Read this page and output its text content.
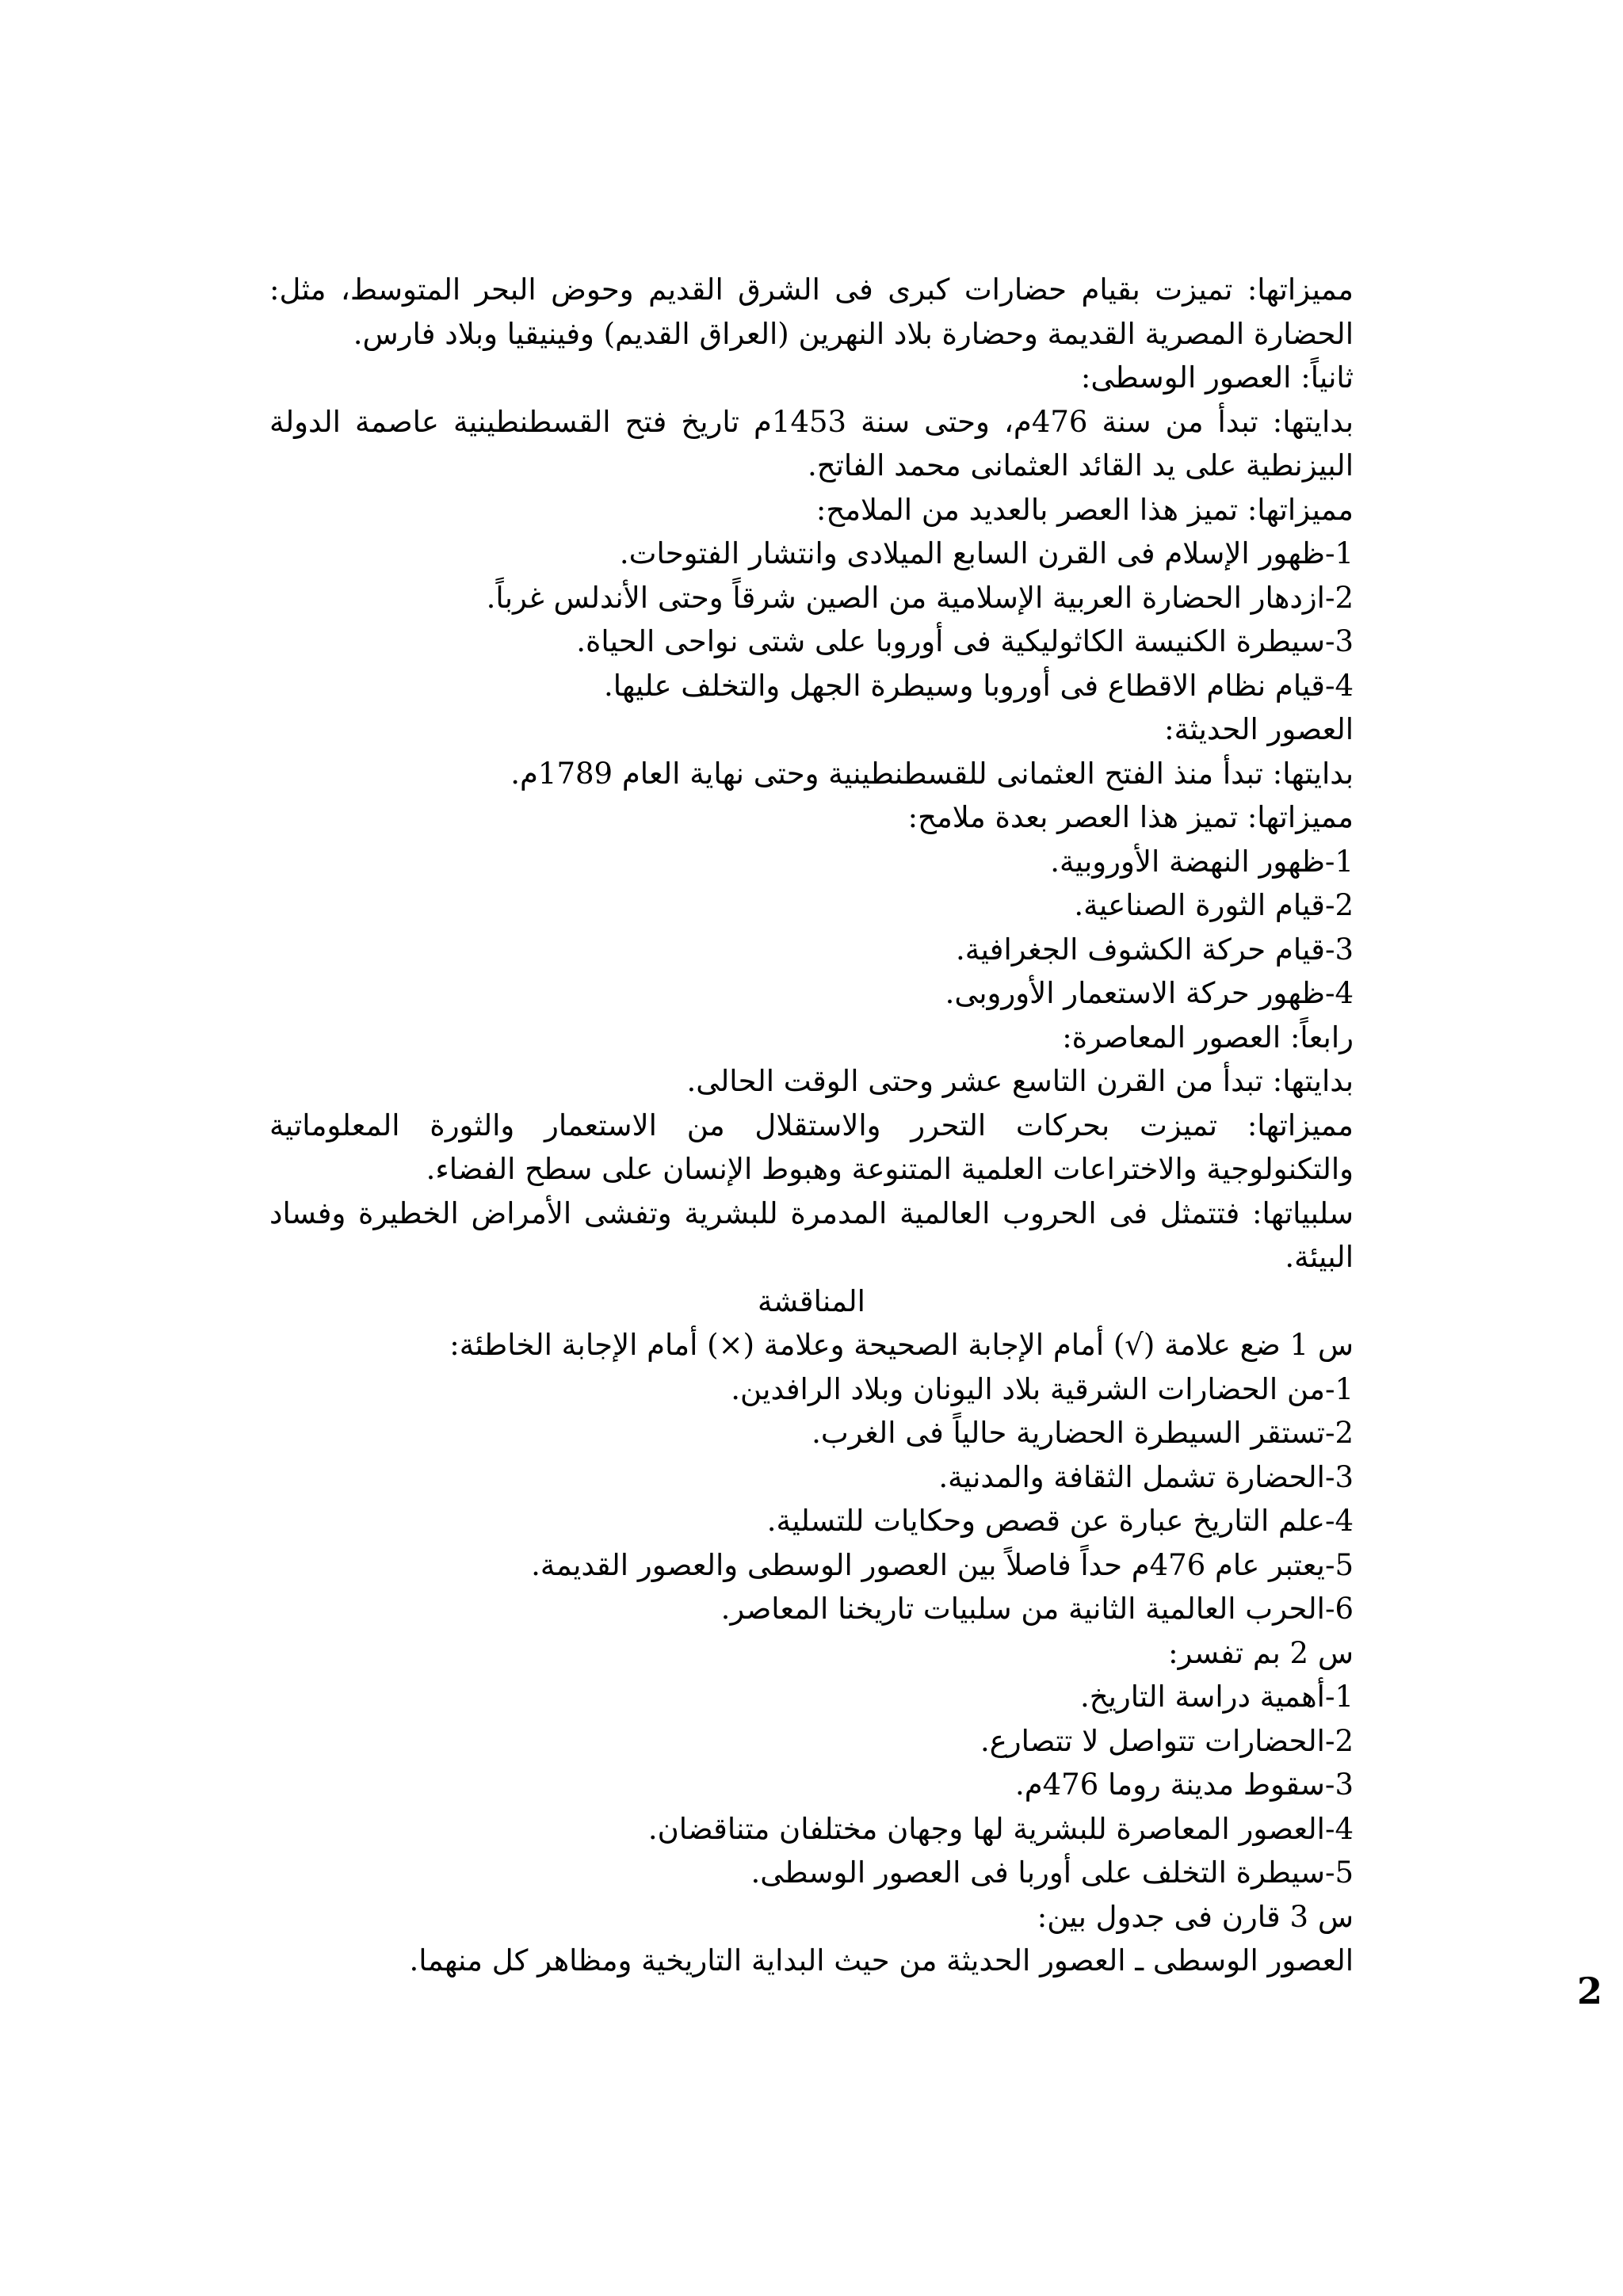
مميزاتها: تميزت بقيام حضارات كبرى فى الشرق القديم وحوض البحر المتوسط، مثل:
الحضارة المصرية القديمة وحضارة بلاد النهرين (العراق القديم) وفينيقيا وبلاد فارس.
ثانياً: العصور الوسطى:
بدايتها: تبدأ من سنة 476م، وحتى سنة 1453م تاريخ فتح القسطنطينية عاصمة الدولة
البيزنطية على يد القائد العثمانى محمد الفاتح.
مميزاتها: تميز هذا العصر بالعديد من الملامح:
1-ظهور الإسلام فى القرن السابع الميلادى وانتشار الفتوحات.
2-ازدهار الحضارة العربية الإسلامية من الصين شرقاً وحتى الأندلس غرباً.
3-سيطرة الكنيسة الكاثوليكية فى أوروبا على شتى نواحى الحياة.
4-قيام نظام الاقطاع فى أوروبا وسيطرة الجهل والتخلف عليها.
العصور الحديثة:
بدايتها: تبدأ منذ الفتح العثمانى للقسطنطينية وحتى نهاية العام 1789م.
مميزاتها: تميز هذا العصر بعدة ملامح:
1-ظهور النهضة الأوروبية.
2-قيام الثورة الصناعية.
3-قيام حركة الكشوف الجغرافية.
4-ظهور حركة الاستعمار الأوروبى.
رابعاً: العصور المعاصرة:
بدايتها: تبدأ من القرن التاسع عشر وحتى الوقت الحالى.
مميزاتها: تميزت بحركات التحرر والاستقلال من الاستعمار والثورة المعلوماتية
والتكنولوجية والاختراعات العلمية المتنوعة وهبوط الإنسان على سطح الفضاء.
سلبياتها: فتتمثل فى الحروب العالمية المدمرة للبشرية وتفشى الأمراض الخطيرة وفساد
البيئة.
المناقشة
س 1 ضع علامة (√) أمام الإجابة الصحيحة وعلامة (×) أمام الإجابة الخاطئة:
1-من الحضارات الشرقية بلاد اليونان وبلاد الرافدين.
2-تستقر السيطرة الحضارية حالياً فى الغرب.
3-الحضارة تشمل الثقافة والمدنية.
4-علم التاريخ عبارة عن قصص وحكايات للتسلية.
5-يعتبر عام 476م حداً فاصلاً بين العصور الوسطى والعصور القديمة.
6-الحرب العالمية الثانية من سلبيات تاريخنا المعاصر.
س 2 بم تفسر:
1-أهمية دراسة التاريخ.
2-الحضارات تتواصل لا تتصارع.
3-سقوط مدينة روما 476م.
4-العصور المعاصرة للبشرية لها وجهان مختلفان متناقضان.
5-سيطرة التخلف على أوربا فى العصور الوسطى.
س 3 قارن فى جدول بين:
العصور الوسطى ـ العصور الحديثة من حيث البداية التاريخية ومظاهر كل منهما.
2
